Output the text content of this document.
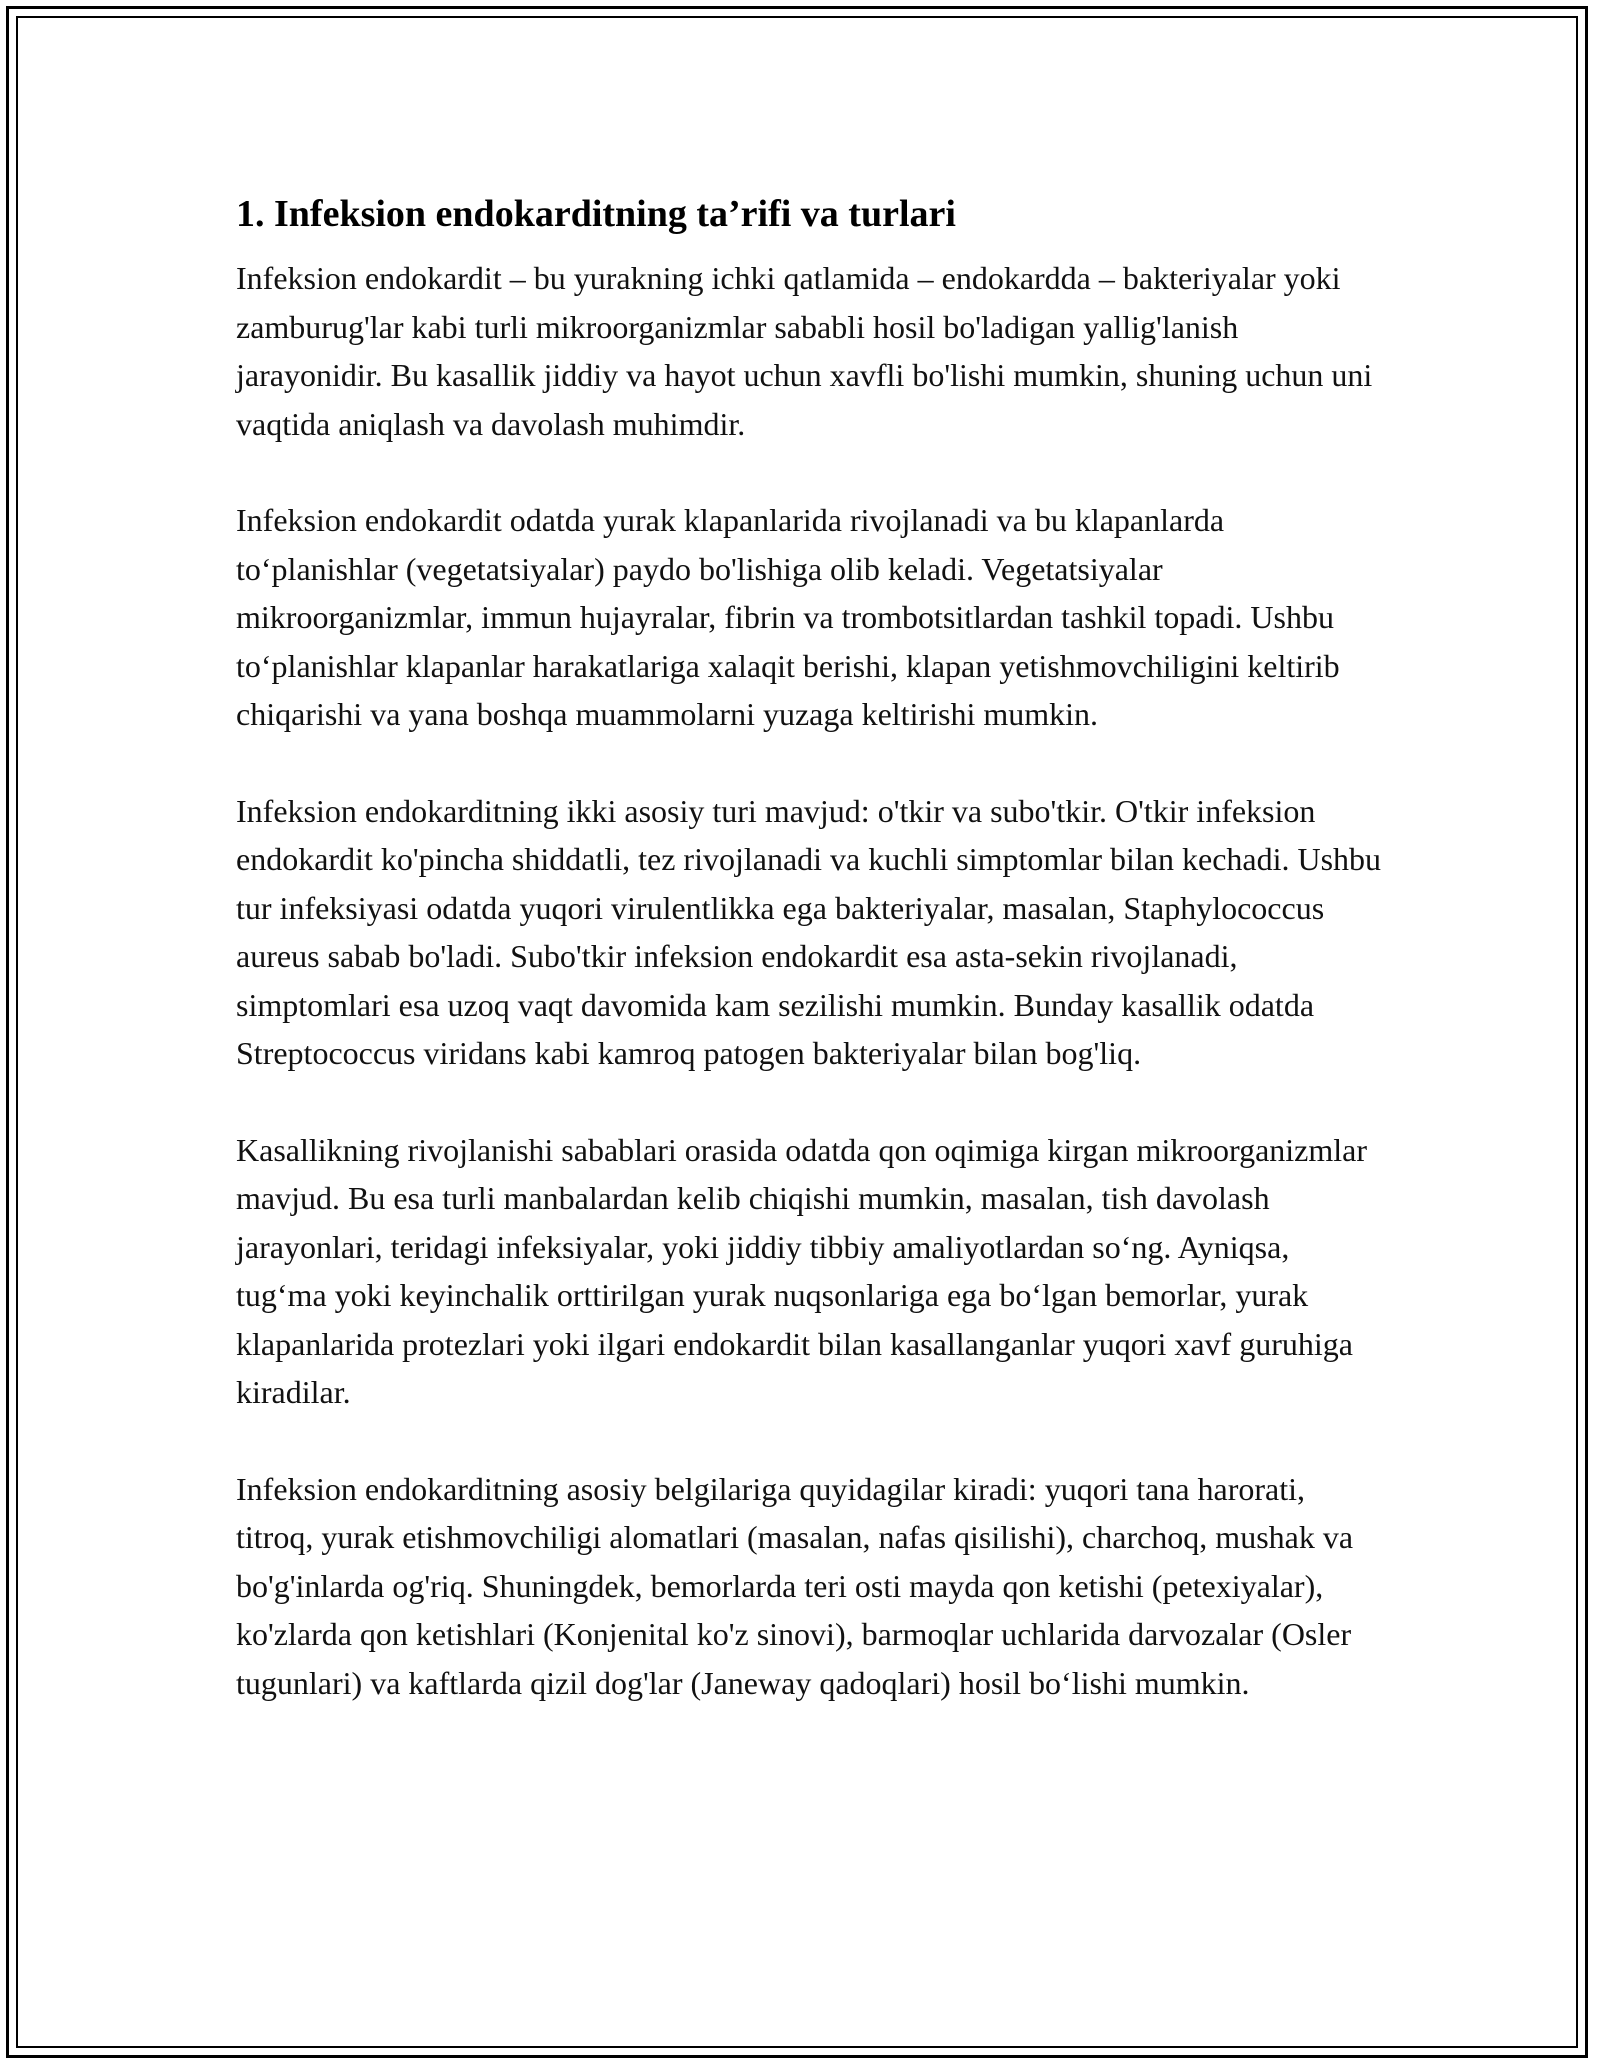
1. Infeksion endokarditning ta’rifi va turlari

Infeksion endokardit – bu yurakning ichki qatlamida – endokardda – bakteriyalar yoki zamburug'lar kabi turli mikroorganizmlar sababli hosil bo'ladigan yallig'lanish jarayonidir. Bu kasallik jiddiy va hayot uchun xavfli bo'lishi mumkin, shuning uchun uni vaqtida aniqlash va davolash muhimdir.

Infeksion endokardit odatda yurak klapanlarida rivojlanadi va bu klapanlarda to‘planishlar (vegetatsiyalar) paydo bo'lishiga olib keladi. Vegetatsiyalar mikroorganizmlar, immun hujayralar, fibrin va trombotsitlardan tashkil topadi. Ushbu to‘planishlar klapanlar harakatlariga xalaqit berishi, klapan yetishmovchiligini keltirib chiqarishi va yana boshqa muammolarni yuzaga keltirishi mumkin.

Infeksion endokarditning ikki asosiy turi mavjud: o'tkir va subo'tkir. O'tkir infeksion endokardit ko'pincha shiddatli, tez rivojlanadi va kuchli simptomlar bilan kechadi. Ushbu tur infeksiyasi odatda yuqori virulentlikka ega bakteriyalar, masalan, Staphylococcus aureus sabab bo'ladi. Subo'tkir infeksion endokardit esa asta-sekin rivojlanadi, simptomlari esa uzoq vaqt davomida kam sezilishi mumkin. Bunday kasallik odatda Streptococcus viridans kabi kamroq patogen bakteriyalar bilan bog'liq.

Kasallikning rivojlanishi sabablari orasida odatda qon oqimiga kirgan mikroorganizmlar mavjud. Bu esa turli manbalardan kelib chiqishi mumkin, masalan, tish davolash jarayonlari, teridagi infeksiyalar, yoki jiddiy tibbiy amaliyotlardan so‘ng. Ayniqsa, tug‘ma yoki keyinchalik orttirilgan yurak nuqsonlariga ega bo‘lgan bemorlar, yurak klapanlarida protezlari yoki ilgari endokardit bilan kasallanganlar yuqori xavf guruhiga kiradilar.

Infeksion endokarditning asosiy belgilariga quyidagilar kiradi: yuqori tana harorati, titroq, yurak etishmovchiligi alomatlari (masalan, nafas qisilishi), charchoq, mushak va bo'g'inlarda og'riq. Shuningdek, bemorlarda teri osti mayda qon ketishi (petexiyalar), ko'zlarda qon ketishlari (Konjenital ko'z sinovi), barmoqlar uchlarida darvozalar (Osler tugunlari) va kaftlarda qizil dog'lar (Janeway qadoqlari) hosil bo‘lishi mumkin.
